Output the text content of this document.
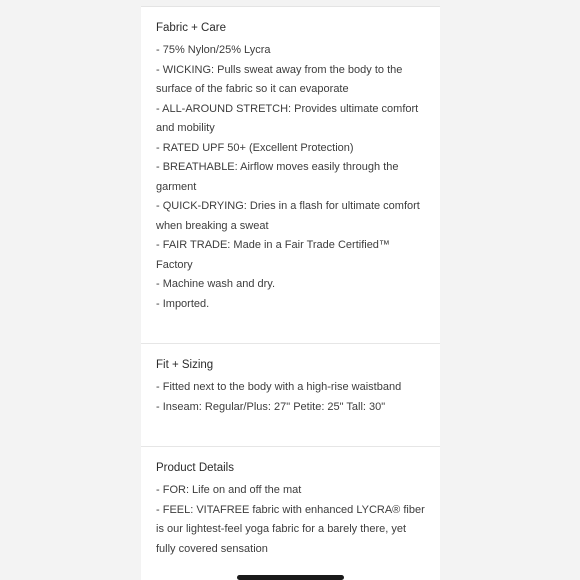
Fabric + Care
- 75% Nylon/25% Lycra
- WICKING: Pulls sweat away from the body to the surface of the fabric so it can evaporate
- ALL-AROUND STRETCH: Provides ultimate comfort and mobility
- RATED UPF 50+ (Excellent Protection)
- BREATHABLE: Airflow moves easily through the garment
- QUICK-DRYING: Dries in a flash for ultimate comfort when breaking a sweat
- FAIR TRADE: Made in a Fair Trade Certified™ Factory
- Machine wash and dry.
- Imported.
Fit + Sizing
- Fitted next to the body with a high-rise waistband
- Inseam: Regular/Plus: 27" Petite: 25" Tall: 30"
Product Details
- FOR: Life on and off the mat
- FEEL: VITAFREE fabric with enhanced LYCRA® fiber is our lightest-feel yoga fabric for a barely there, yet fully covered sensation
